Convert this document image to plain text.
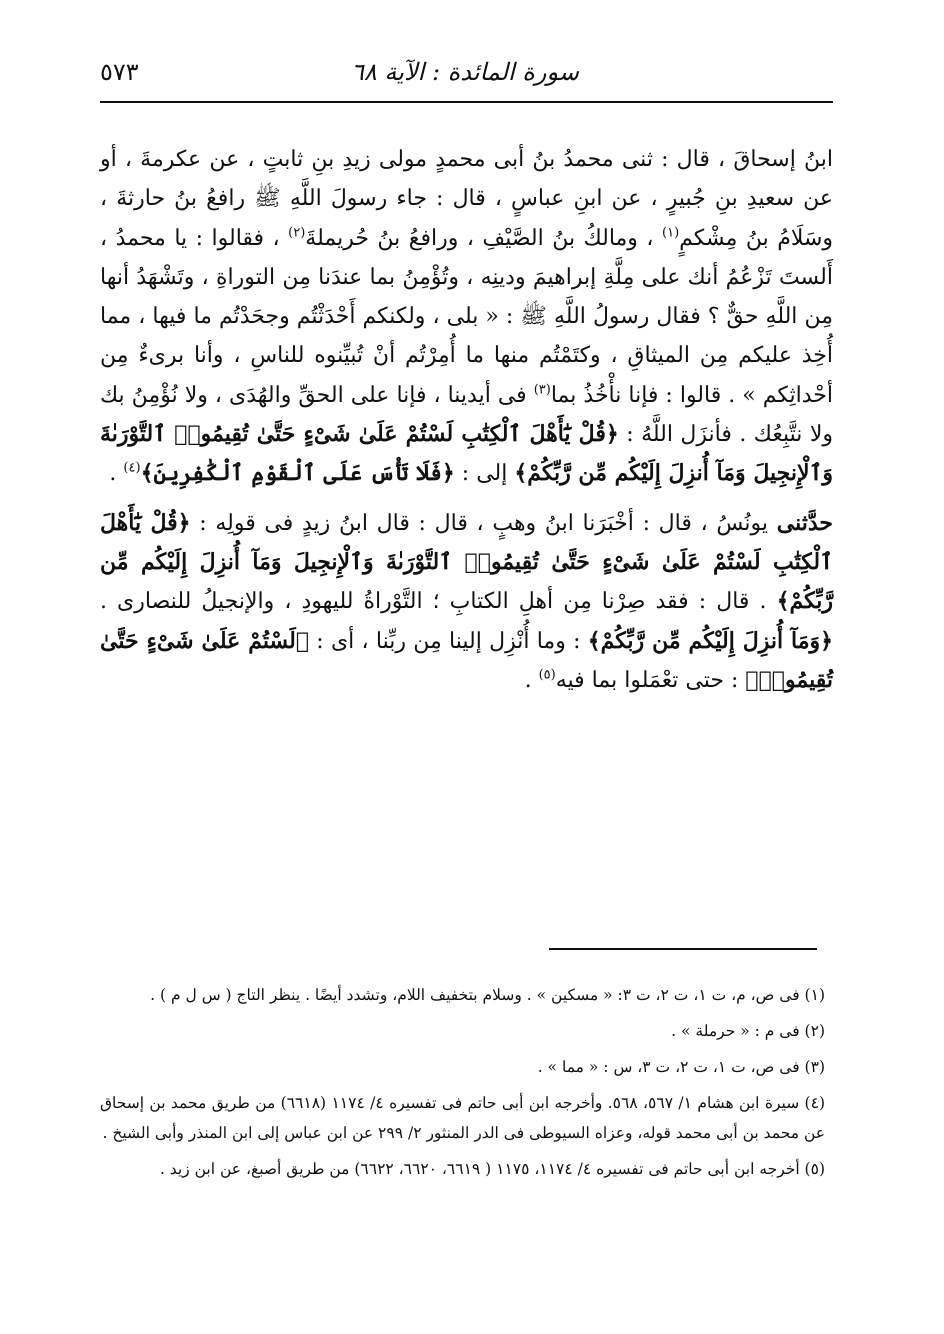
سورة المائدة : الآية ٦٨
٥٧٣

ابنُ إسحاقَ ، قال : ثنى محمدُ بنُ أبى محمدٍ مولى زيدِ بنِ ثابتٍ ، عن عكرمةَ ، أو عن سعيدِ بنِ جُبيرٍ ، عن ابنِ عباسٍ ، قال : جاء رسولَ اللَّهِ ﷺ رافعُ بنُ حارثةَ ، وسَلَامُ بنُ مِشْكمٍ$^{(١)}$ ، ومالكُ بنُ الصَّيْفِ ، ورافعُ بنُ حُريملةَ$^{(٢)}$ ، فقالوا : يا محمدُ ، أَلستَ تَزْعُمُ أنك على مِلَّةِ إبراهيمَ ودينِه ، وتُؤْمِنُ بما عندَنا مِن التوراةِ ، وتَشْهَدُ أنها مِن اللَّهِ حقٌّ ؟ فقال رسولُ اللَّهِ ﷺ : « بلى ، ولكنكم أَحْدَثْتُم وجحَدْتُم ما فيها ، مما أُخِذ عليكم مِن الميثاقِ ، وكتَمْتُم منها ما أُمِرْتُم أنْ تُبيِّنوه للناسِ ، وأنا برىءٌ مِن أحْداثِكم » . قالوا : فإنا نأْخُذُ بما$^{(٣)}$ فى أيدينا ، فإنا على الحقِّ والهُدَى ، ولا نُؤْمِنُ بك ولا نتَّبِعُك . فأنزَل اللَّهُ : ﴿قُلْ يَٰٓأَهْلَ ٱلْكِتَٰبِ لَسْتُمْ عَلَىٰ شَىْءٍ حَتَّىٰ تُقِيمُوا۟ ٱلتَّوْرَىٰةَ وَٱلْإِنجِيلَ وَمَآ أُنزِلَ إِلَيْكُم مِّن رَّبِّكُمْ﴾ إلى : ﴿فَلَا تَأْسَ عَلَى ٱلْقَوْمِ ٱلْكَٰفِرِينَ﴾$^{(٤)}$ .

حدَّثنى يونُسُ ، قال : أخْبَرَنا ابنُ وهبٍ ، قال : قال ابنُ زيدٍ فى قولِه : ﴿قُلْ يَٰٓأَهْلَ ٱلْكِتَٰبِ لَسْتُمْ عَلَىٰ شَىْءٍ حَتَّىٰ تُقِيمُوا۟ ٱلتَّوْرَىٰةَ وَٱلْإِنجِيلَ وَمَآ أُنزِلَ إِلَيْكُم مِّن رَّبِّكُمْ﴾ . قال : فقد صِرْنا مِن أهلِ الكتابِ ؛ التَّوْراةُ لليهودِ ، والإنجيلُ للنصارى . ﴿وَمَآ أُنزِلَ إِلَيْكُم مِّن رَّبِّكُمْ﴾ : وما أُنْزِل إلينا مِن ربِّنا ، أى : ﴿لَسْتُمْ عَلَىٰ شَىْءٍ حَتَّىٰ تُقِيمُوا۟﴾ : حتى تعْمَلوا بما فيه$^{(٥)}$ .

(١) فى ص، م، ت ١، ت ٢، ت ٣: « مسكين » . وسلام بتخفيف اللام، وتشدد أيضًا . ينظر التاج ( س ل م ) .

(٢) فى م : « حرملة » .

(٣) فى ص، ت ١، ت ٢، ت ٣، س : « مما » .

(٤) سيرة ابن هشام ١/ ٥٦٧، ٥٦٨. وأخرجه ابن أبى حاتم فى تفسيره ٤/ ١١٧٤ (٦٦١٨) من طريق محمد بن إسحاق عن محمد بن أبى محمد قوله، وعزاه السيوطى فى الدر المنثور ٢/ ٢٩٩ عن ابن عباس إلى ابن المنذر وأبى الشيخ .

(٥) أخرجه ابن أبى حاتم فى تفسيره ٤/ ١١٧٤، ١١٧٥ ( ٦٦١٩، ٦٦٢٠، ٦٦٢٢) من طريق أصبغ، عن ابن زيد .
